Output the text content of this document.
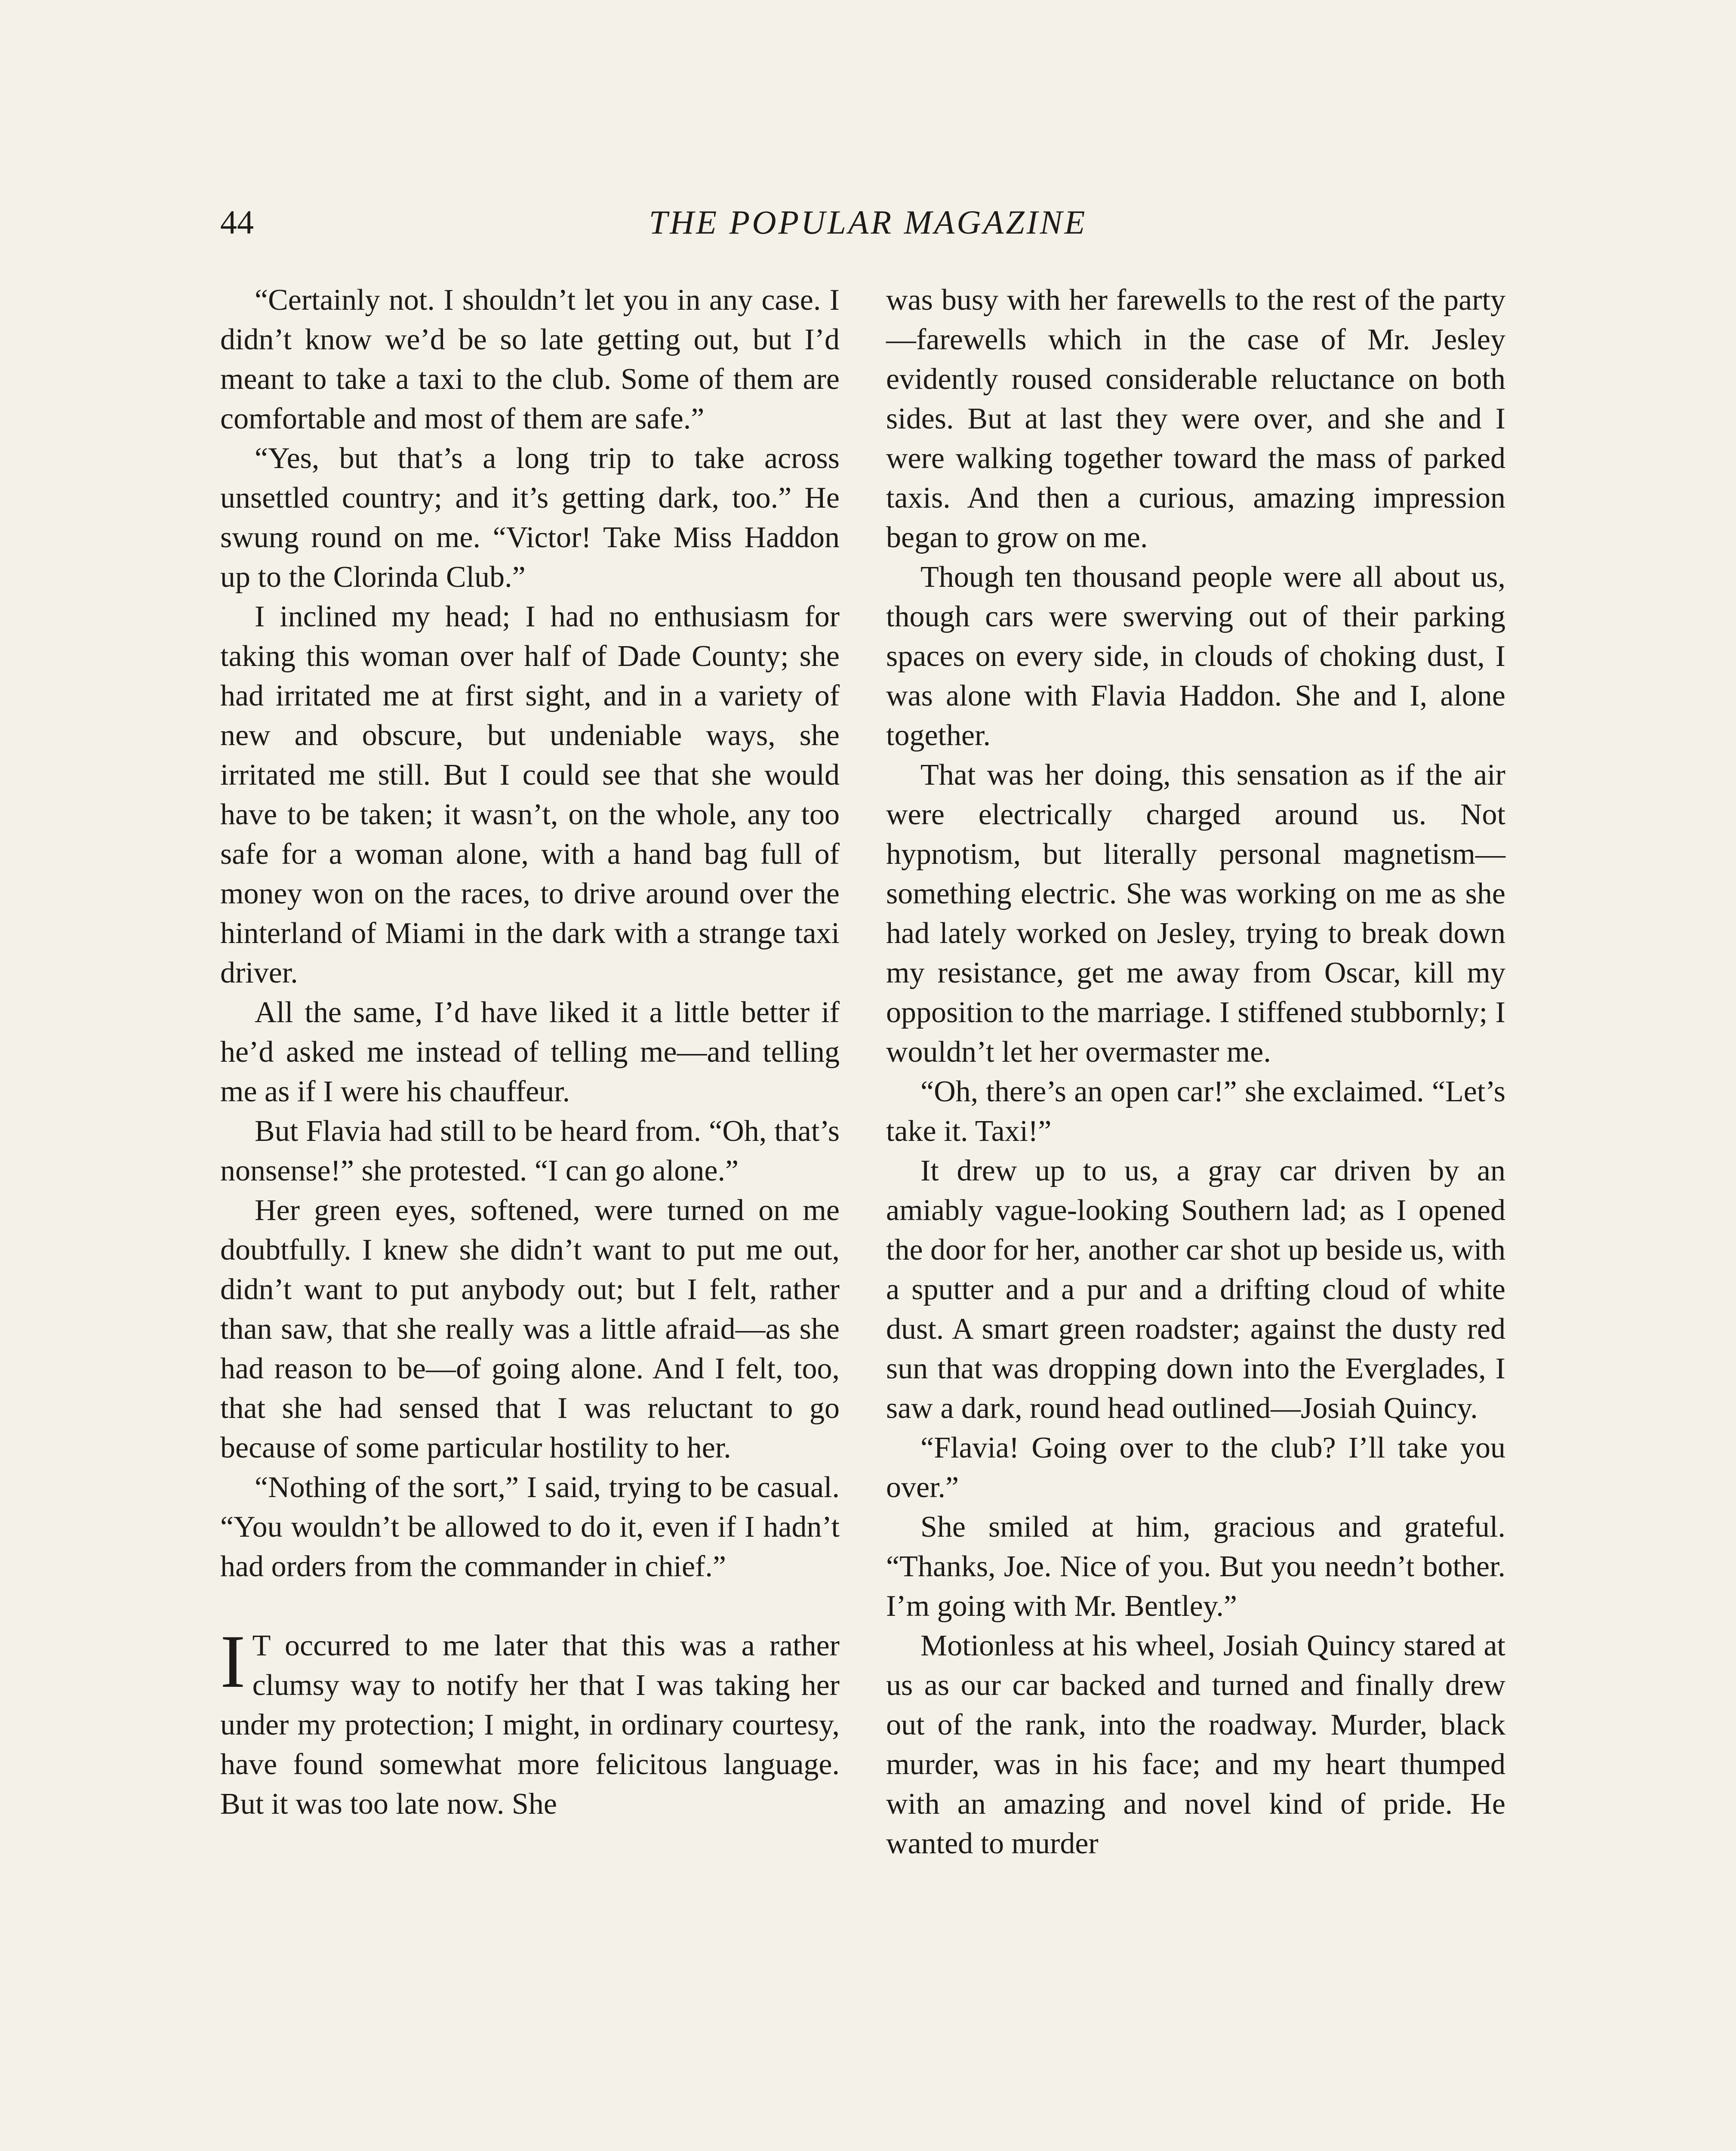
44	THE POPULAR MAGAZINE

“Certainly not. I shouldn’t let you in any case. I didn’t know we’d be so late getting out, but I’d meant to take a taxi to the club. Some of them are comfortable and most of them are safe.”

“Yes, but that’s a long trip to take across unsettled country; and it’s getting dark, too.” He swung round on me. “Victor! Take Miss Haddon up to the Clorinda Club.”

I inclined my head; I had no enthusiasm for taking this woman over half of Dade County; she had irritated me at first sight, and in a variety of new and obscure, but undeniable ways, she irritated me still. But I could see that she would have to be taken; it wasn’t, on the whole, any too safe for a woman alone, with a hand bag full of money won on the races, to drive around over the hinterland of Miami in the dark with a strange taxi driver.

All the same, I’d have liked it a little better if he’d asked me instead of telling me—and telling me as if I were his chauffeur.

But Flavia had still to be heard from. “Oh, that’s nonsense!” she protested. “I can go alone.”

Her green eyes, softened, were turned on me doubtfully. I knew she didn’t want to put me out, didn’t want to put anybody out; but I felt, rather than saw, that she really was a little afraid—as she had reason to be—of going alone. And I felt, too, that she had sensed that I was reluctant to go because of some particular hostility to her.

“Nothing of the sort,” I said, trying to be casual. “You wouldn’t be allowed to do it, even if I hadn’t had orders from the commander in chief.”

I T occurred to me later that this was a rather clumsy way to notify her that I was taking her under my protection; I might, in ordinary courtesy, have found somewhat more felicitous language. But it was too late now. She

was busy with her farewells to the rest of the party—farewells which in the case of Mr. Jesley evidently roused considerable reluctance on both sides. But at last they were over, and she and I were walking together toward the mass of parked taxis. And then a curious, amazing impression began to grow on me.

Though ten thousand people were all about us, though cars were swerving out of their parking spaces on every side, in clouds of choking dust, I was alone with Flavia Haddon. She and I, alone together.

That was her doing, this sensation as if the air were electrically charged around us. Not hypnotism, but literally personal magnetism—something electric. She was working on me as she had lately worked on Jesley, trying to break down my resistance, get me away from Oscar, kill my opposition to the marriage. I stiffened stubbornly; I wouldn’t let her overmaster me.

“Oh, there’s an open car!” she exclaimed. “Let’s take it. Taxi!”

It drew up to us, a gray car driven by an amiably vague-looking Southern lad; as I opened the door for her, another car shot up beside us, with a sputter and a pur and a drifting cloud of white dust. A smart green roadster; against the dusty red sun that was dropping down into the Everglades, I saw a dark, round head outlined—Josiah Quincy.

“Flavia! Going over to the club? I’ll take you over.”

She smiled at him, gracious and grateful. “Thanks, Joe. Nice of you. But you needn’t bother. I’m going with Mr. Bentley.”

Motionless at his wheel, Josiah Quincy stared at us as our car backed and turned and finally drew out of the rank, into the roadway. Murder, black murder, was in his face; and my heart thumped with an amazing and novel kind of pride. He wanted to murder
